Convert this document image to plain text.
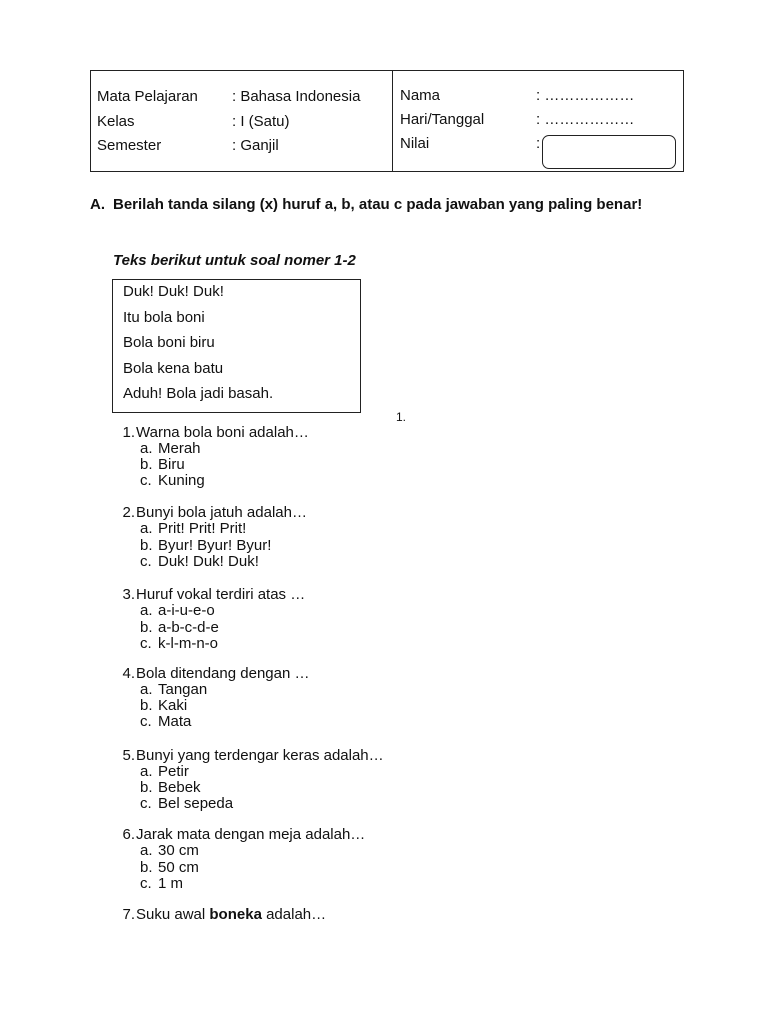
Mata Pelajaran : Bahasa Indonesia
Kelas	: I (Satu)
Semester	: Ganjil
Nama	: ………………
Hari/Tanggal	: ………………
Nilai	:
A. Berilah tanda silang (x) huruf a, b, atau c pada jawaban yang paling benar!
Teks berikut untuk soal nomer 1-2
Duk! Duk! Duk!
Itu bola boni
Bola boni biru
Bola kena batu
Aduh! Bola jadi basah.
1.
1. Warna bola boni adalah…
a. Merah
b. Biru
c. Kuning
2. Bunyi bola jatuh adalah…
a. Prit! Prit! Prit!
b. Byur! Byur! Byur!
c. Duk! Duk! Duk!
3. Huruf vokal terdiri atas …
a. a-i-u-e-o
b. a-b-c-d-e
c. k-l-m-n-o
4. Bola ditendang dengan …
a. Tangan
b. Kaki
c. Mata
5. Bunyi yang terdengar keras adalah…
a. Petir
b. Bebek
c. Bel sepeda
6. Jarak mata dengan meja adalah…
a. 30 cm
b. 50 cm
c. 1 m
7. Suku awal boneka adalah…
